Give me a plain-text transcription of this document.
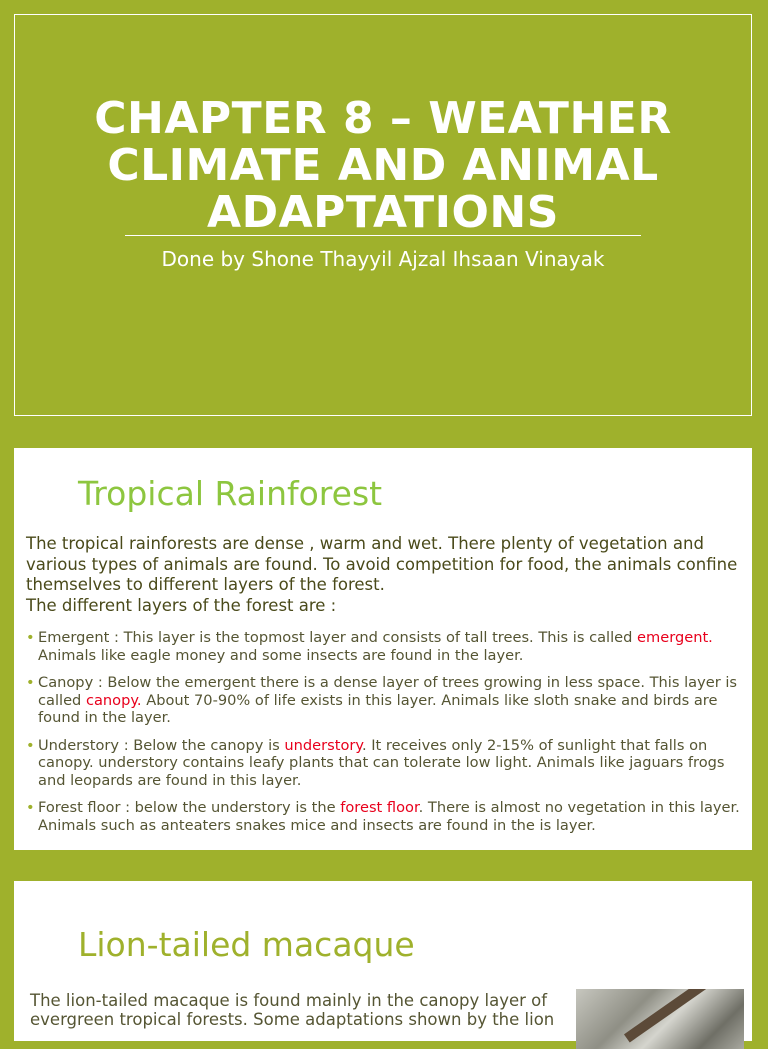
CHAPTER 8 – WEATHER
CLIMATE AND ANIMAL
ADAPTATIONS
Done by Shone Thayyil Ajzal Ihsaan Vinayak
Tropical Rainforest

The tropical rainforests are dense , warm and wet. There plenty of vegetation and various types of animals are found. To avoid competition for food, the animals confine themselves to different layers of the forest.

The different layers of the forest are :

• Emergent : This layer is the topmost layer and consists of tall trees. This is called emergent. Animals like eagle money and some insects are found in the layer.
• Canopy : Below the emergent there is a dense layer of trees growing in less space. This layer is called canopy. About 70-90% of life exists in this layer. Animals like sloth snake and birds are found in the layer.
• Understory : Below the canopy is understory. It receives only 2-15% of sunlight that falls on canopy. understory contains leafy plants that can tolerate low light. Animals like jaguars frogs and leopards are found in this layer.
• Forest floor : below the understory is the forest floor. There is almost no vegetation in this layer. Animals such as anteaters snakes mice and insects are found in the is layer.
Lion-tailed macaque
The lion-tailed macaque is found mainly in the canopy layer of evergreen tropical forests. Some adaptations shown by the lion
